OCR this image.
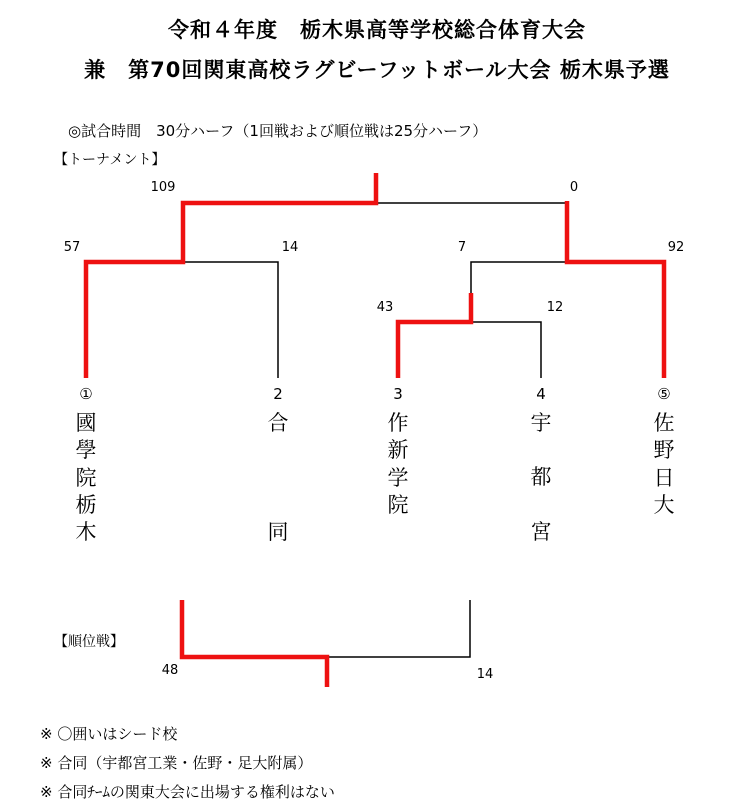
令和４年度　栃木県高等学校総合体育大会
兼　第70回関東高校ラグビーフットボール大会 栃木県予選
◎試合時間　30分ハーフ（1回戦および順位戦は25分ハーフ）
【トーナメント】
109	0
57	14	7	92
43	12
①	2	3	4	⑤
國
學
院
栃
木
合

同
作
新
学
院
宇
都
宮
佐
野
日
大
【順位戦】
48	14
※ 〇囲いはシード校
※ 合同（宇都宮工業・佐野・足大附属）
※ 合同ﾁｰﾑの関東大会に出場する権利はない
